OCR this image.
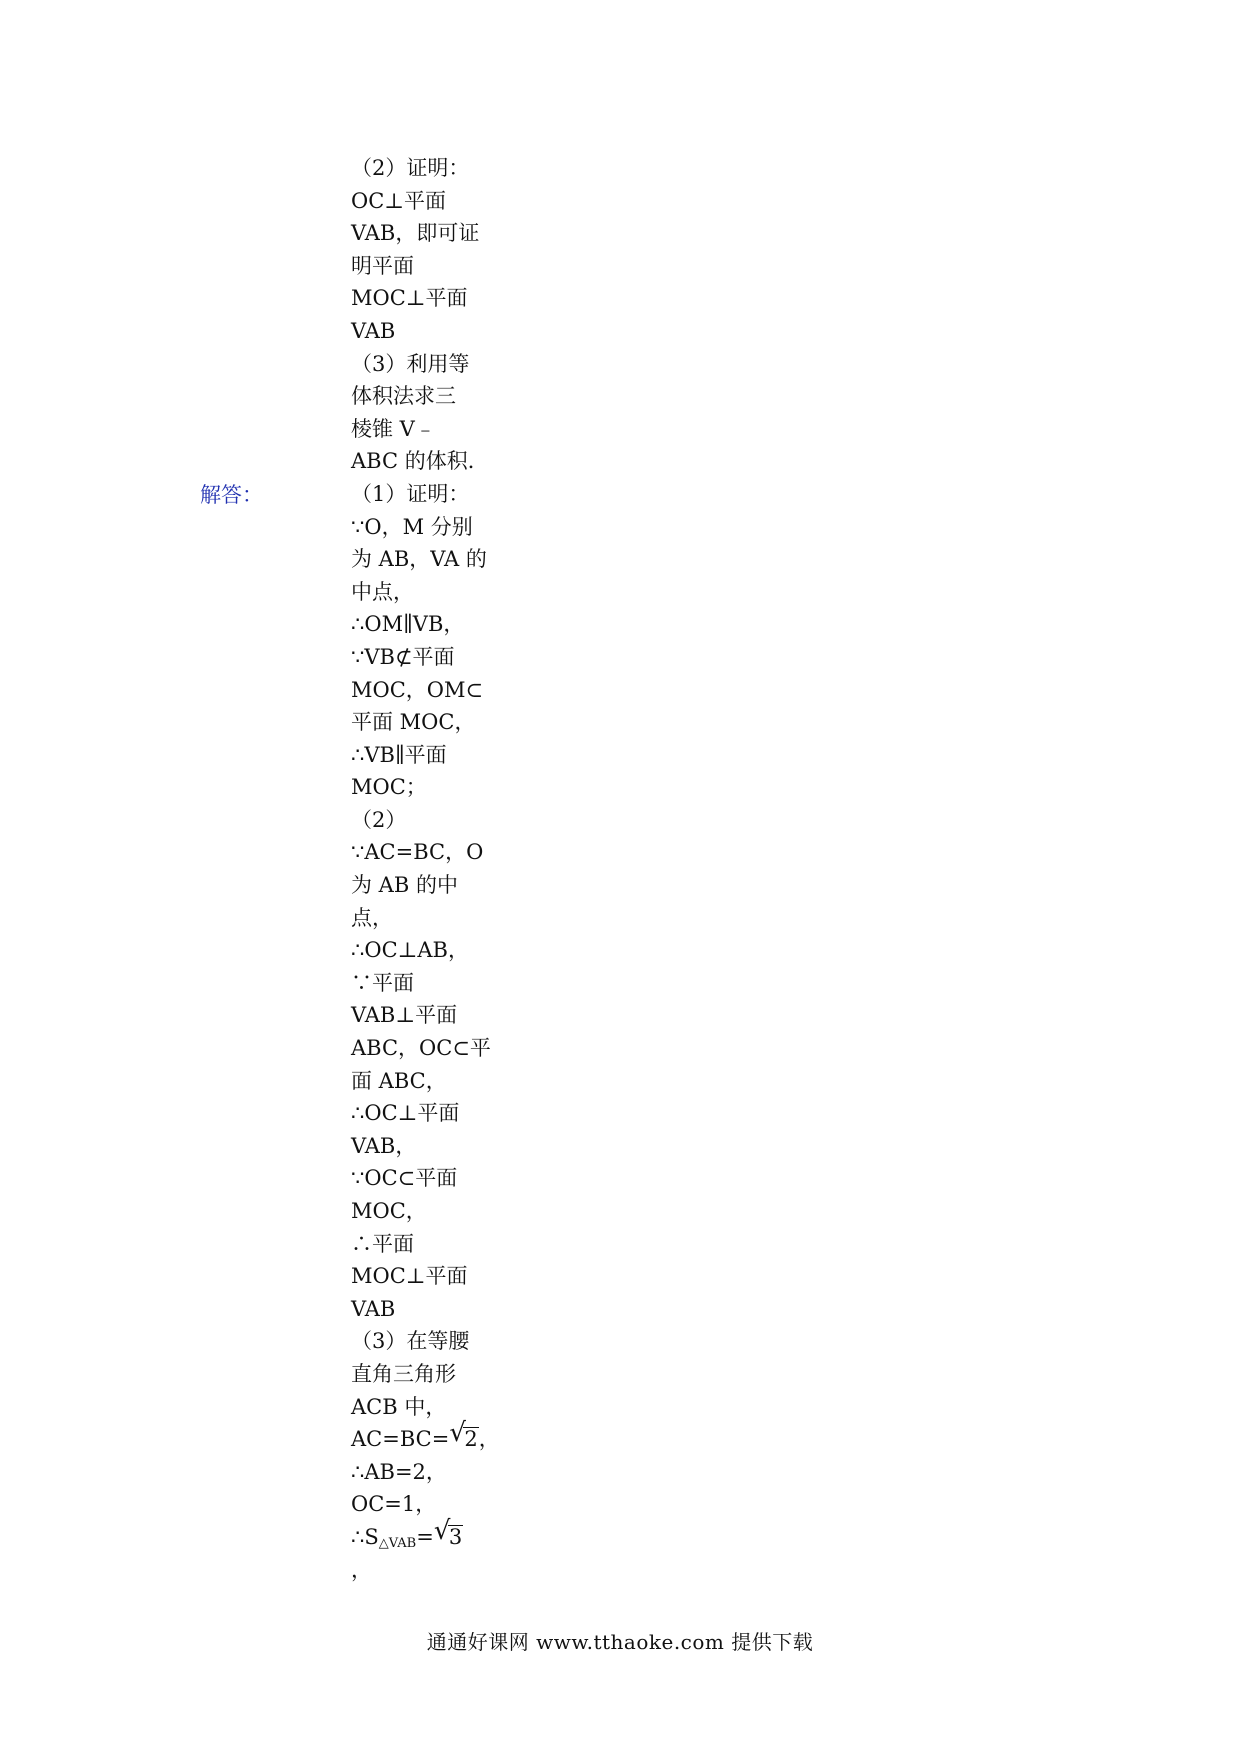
解答：
（2）证明：
OC⊥平面
VAB，即可证
明平面
MOC⊥平面
VAB
（3）利用等
体积法求三
棱锥 V﹣
ABC 的体积．
（1）证明：
∵O，M 分别
为 AB，VA 的
中点，
∴OM∥VB，
∵VB⊄平面
MOC，OM⊂
平面 MOC，
∴VB∥平面
MOC；
（2）
∵AC=BC，O
为 AB 的中
点，
∴OC⊥AB，
∵平面
VAB⊥平面
ABC，OC⊂平
面 ABC，
∴OC⊥平面
VAB，
∵OC⊂平面
MOC，
∴平面
MOC⊥平面
VAB
（3）在等腰
直角三角形
ACB 中，
AC=BC= √
2，
∴AB=2，
OC=1，
$\therefore S_{\triangle VAB}=$ √
3
，
通通好课网 www.tthaoke.com 提供下载
